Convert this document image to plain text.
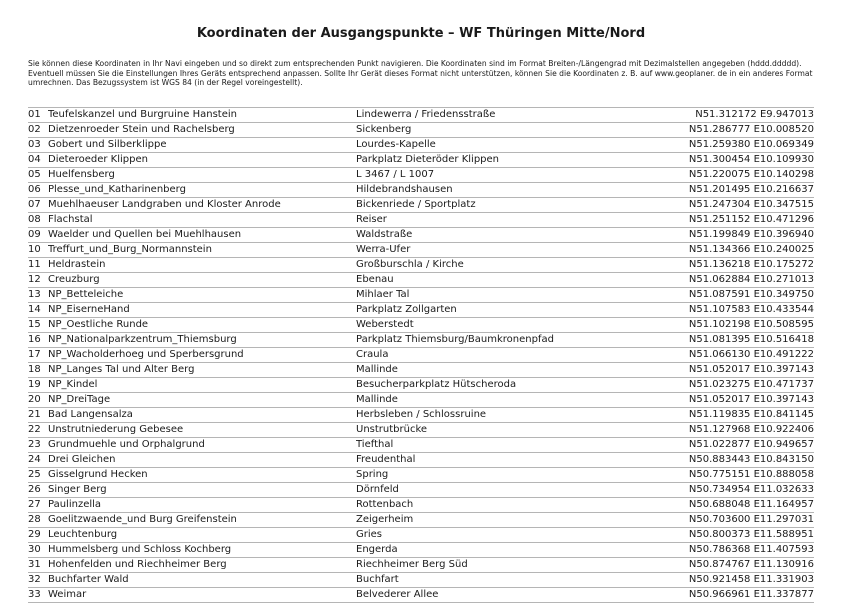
Koordinaten der Ausgangspunkte – WF Thüringen Mitte/Nord

Sie können diese Koordinaten in Ihr Navi eingeben und so direkt zum entsprechenden Punkt navigieren. Die Koordinaten sind im Format Breiten-/Längengrad mit Dezimalstellen angegeben (hddd.ddddd).

Eventuell müssen Sie die Einstellungen Ihres Geräts entsprechend anpassen. Sollte Ihr Gerät dieses Format nicht unterstützen, können Sie die Koordinaten z. B. auf www.geoplaner. de in ein anderes Format umrechnen. Das Bezugssystem ist WGS 84 (in der Regel voreingestellt).

01 Teufelskanzel und Burgruine Hanstein	Lindewerra / Friedensstraße	N51.312172 E9.947013
02 Dietzenroeder Stein und Rachelsberg	Sickenberg	N51.286777 E10.008520
03 Gobert und Silberklippe	Lourdes-Kapelle	N51.259380 E10.069349
04 Dieteroeder Klippen	Parkplatz Dieteröder Klippen	N51.300454 E10.109930
05 Huelfensberg	L 3467 / L 1007	N51.220075 E10.140298
06 Plesse_und_Katharinenberg	Hildebrandshausen	N51.201495 E10.216637
07 Muehlhaeuser Landgraben und Kloster Anrode	Bickenriede / Sportplatz	N51.247304 E10.347515
08 Flachstal	Reiser	N51.251152 E10.471296
09 Waelder und Quellen bei Muehlhausen	Waldstraße	N51.199849 E10.396940
10 Treffurt_und_Burg_Normannstein	Werra-Ufer	N51.134366 E10.240025
11 Heldrastein	Großburschla / Kirche	N51.136218 E10.175272
12 Creuzburg	Ebenau	N51.062884 E10.271013
13 NP_Betteleiche	Mihlaer Tal	N51.087591 E10.349750
14 NP_EiserneHand	Parkplatz Zollgarten	N51.107583 E10.433544
15 NP_Oestliche Runde	Weberstedt	N51.102198 E10.508595
16 NP_Nationalparkzentrum_Thiemsburg	Parkplatz Thiemsburg/Baumkronenpfad	N51.081395 E10.516418
17 NP_Wacholderhoeg und Sperbersgrund	Craula	N51.066130 E10.491222
18 NP_Langes Tal und Alter Berg	Mallinde	N51.052017 E10.397143
19 NP_Kindel	Besucherparkplatz Hütscheroda	N51.023275 E10.471737
20 NP_DreiTage	Mallinde	N51.052017 E10.397143
21 Bad Langensalza	Herbsleben / Schlossruine	N51.119835 E10.841145
22 Unstrutniederung Gebesee	Unstrutbrücke	N51.127968 E10.922406
23 Grundmuehle und Orphalgrund	Tiefthal	N51.022877 E10.949657
24 Drei Gleichen	Freudenthal	N50.883443 E10.843150
25 Gisselgrund Hecken	Spring	N50.775151 E10.888058
26 Singer Berg	Dörnfeld	N50.734954 E11.032633
27 Paulinzella	Rottenbach	N50.688048 E11.164957
28 Goelitzwaende_und Burg Greifenstein	Zeigerheim	N50.703600 E11.297031
29 Leuchtenburg	Gries	N50.800373 E11.588951
30 Hummelsberg und Schloss Kochberg	Engerda	N50.786368 E11.407593
31 Hohenfelden und Riechheimer Berg	Riechheimer Berg Süd	N50.874767 E11.130916
32 Buchfarter Wald	Buchfart	N50.921458 E11.331903
33 Weimar	Belvederer Allee	N50.966961 E11.337877
